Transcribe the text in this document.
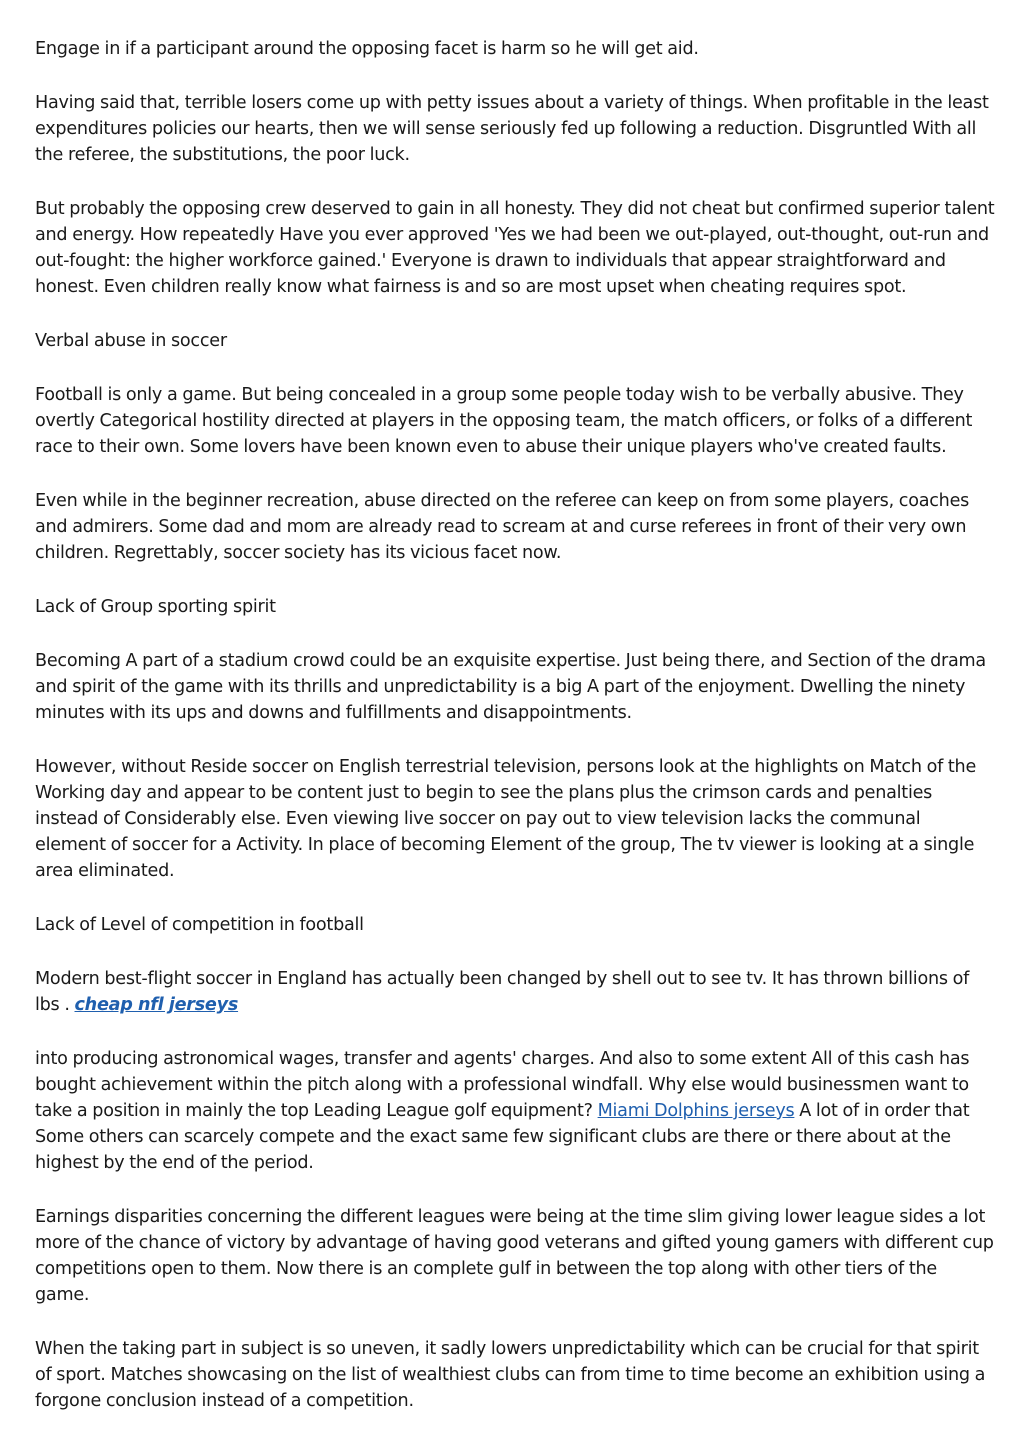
Engage in if a participant around the opposing facet is harm so he will get aid.

Having said that, terrible losers come up with petty issues about a variety of things. When profitable in the least expenditures policies our hearts, then we will sense seriously fed up following a reduction. Disgruntled With all the referee, the substitutions, the poor luck.

But probably the opposing crew deserved to gain in all honesty. They did not cheat but confirmed superior talent and energy. How repeatedly Have you ever approved 'Yes we had been we out-played, out-thought, out-run and out-fought: the higher workforce gained.' Everyone is drawn to individuals that appear straightforward and honest. Even children really know what fairness is and so are most upset when cheating requires spot.

Verbal abuse in soccer

Football is only a game. But being concealed in a group some people today wish to be verbally abusive. They overtly Categorical hostility directed at players in the opposing team, the match officers, or folks of a different race to their own. Some lovers have been known even to abuse their unique players who've created faults.

Even while in the beginner recreation, abuse directed on the referee can keep on from some players, coaches and admirers. Some dad and mom are already read to scream at and curse referees in front of their very own children. Regrettably, soccer society has its vicious facet now.

Lack of Group sporting spirit

Becoming A part of a stadium crowd could be an exquisite expertise. Just being there, and Section of the drama and spirit of the game with its thrills and unpredictability is a big A part of the enjoyment. Dwelling the ninety minutes with its ups and downs and fulfillments and disappointments.

However, without Reside soccer on English terrestrial television, persons look at the highlights on Match of the Working day and appear to be content just to begin to see the plans plus the crimson cards and penalties instead of Considerably else. Even viewing live soccer on pay out to view television lacks the communal element of soccer for a Activity. In place of becoming Element of the group, The tv viewer is looking at a single area eliminated.

Lack of Level of competition in football

Modern best-flight soccer in England has actually been changed by shell out to see tv. It has thrown billions of lbs . cheap nfl jerseys

into producing astronomical wages, transfer and agents' charges. And also to some extent All of this cash has bought achievement within the pitch along with a professional windfall. Why else would businessmen want to take a position in mainly the top Leading League golf equipment? Miami Dolphins jerseys A lot of in order that Some others can scarcely compete and the exact same few significant clubs are there or there about at the highest by the end of the period.

Earnings disparities concerning the different leagues were being at the time slim giving lower league sides a lot more of the chance of victory by advantage of having good veterans and gifted young gamers with different cup competitions open to them. Now there is an complete gulf in between the top along with other tiers of the game.

When the taking part in subject is so uneven, it sadly lowers unpredictability which can be crucial for that spirit of sport. Matches showcasing on the list of wealthiest clubs can from time to time become an exhibition using a forgone conclusion instead of a competition.
